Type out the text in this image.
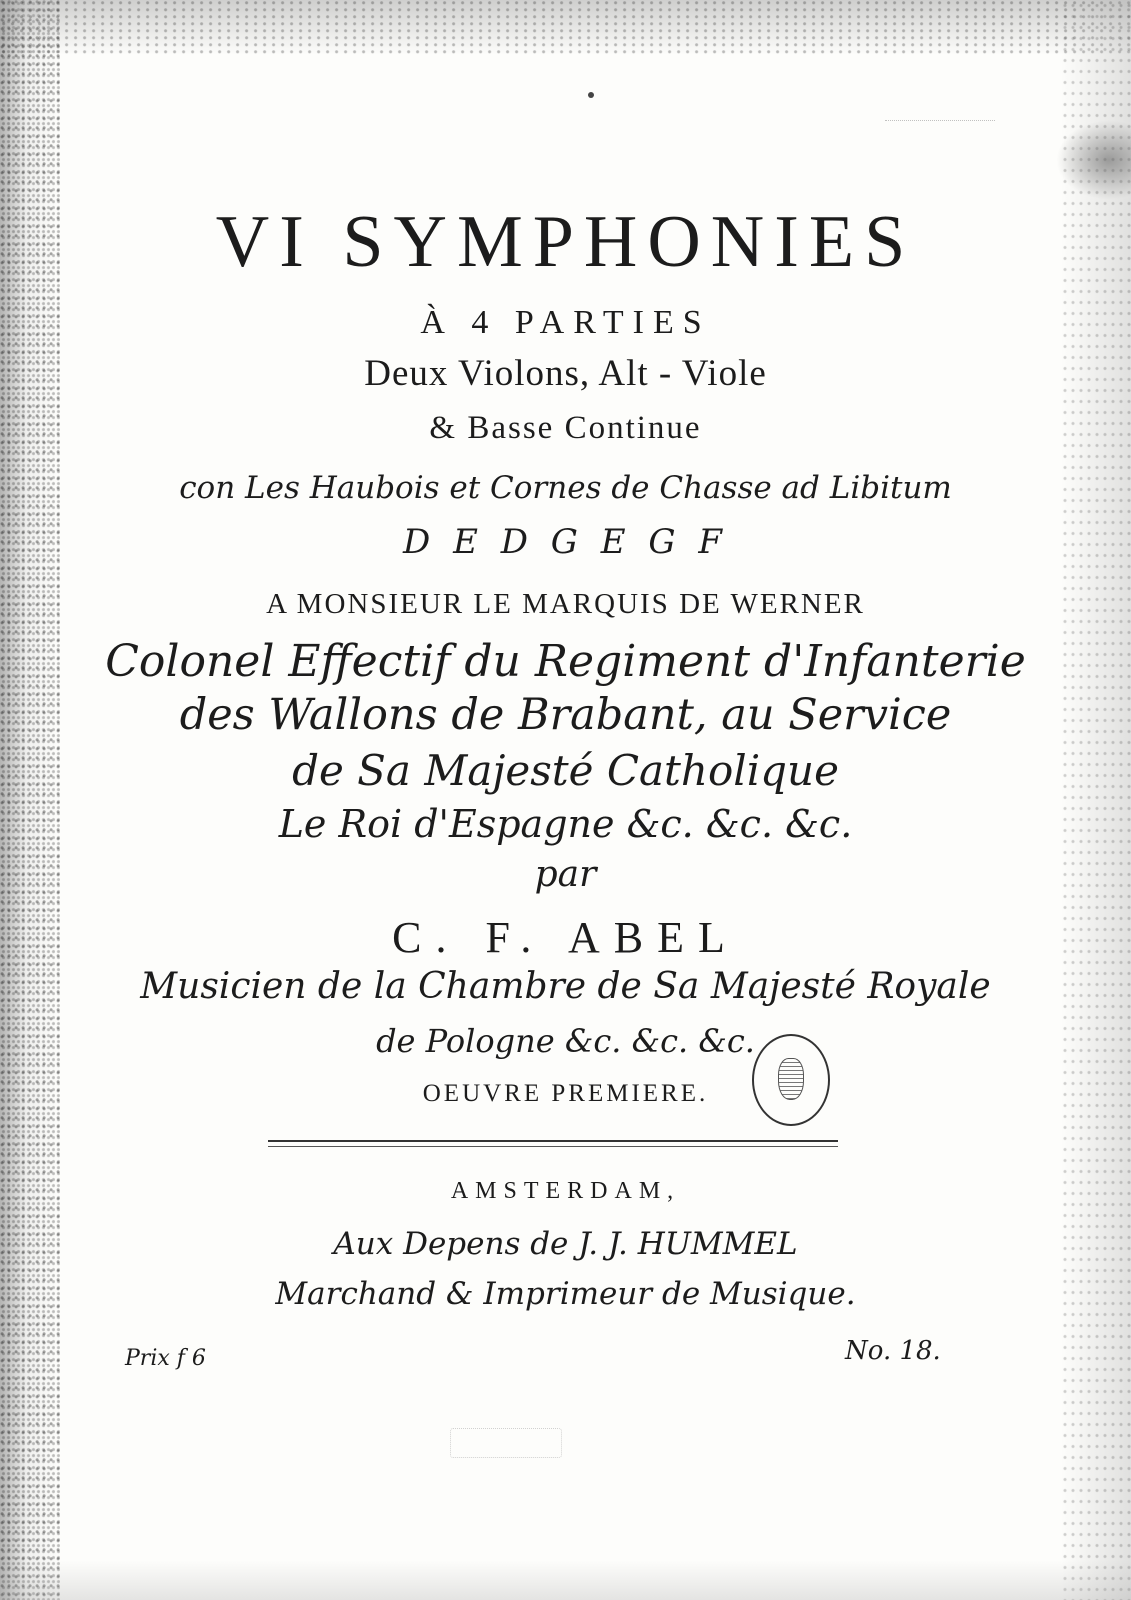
VI SYMPHONIES
À 4 PARTIES
Deux Violons, Alt - Viole
& Basse Continue
con Les Haubois et Cornes de Chasse ad Libitum
D E D G E G F
A MONSIEUR LE MARQUIS DE WERNER
Colonel Effectif du Regiment d'Infanterie
des Wallons de Brabant, au Service
de Sa Majesté Catholique
Le Roi d'Espagne &c. &c. &c.
par
C. F. ABEL
Musicien de la Chambre de Sa Majesté Royale
de Pologne &c. &c. &c.
OEUVRE PREMIERE.
AMSTERDAM,
Aux Depens de J. J. HUMMEL
Marchand & Imprimeur de Musique.
Prix f 6	No. 18.
